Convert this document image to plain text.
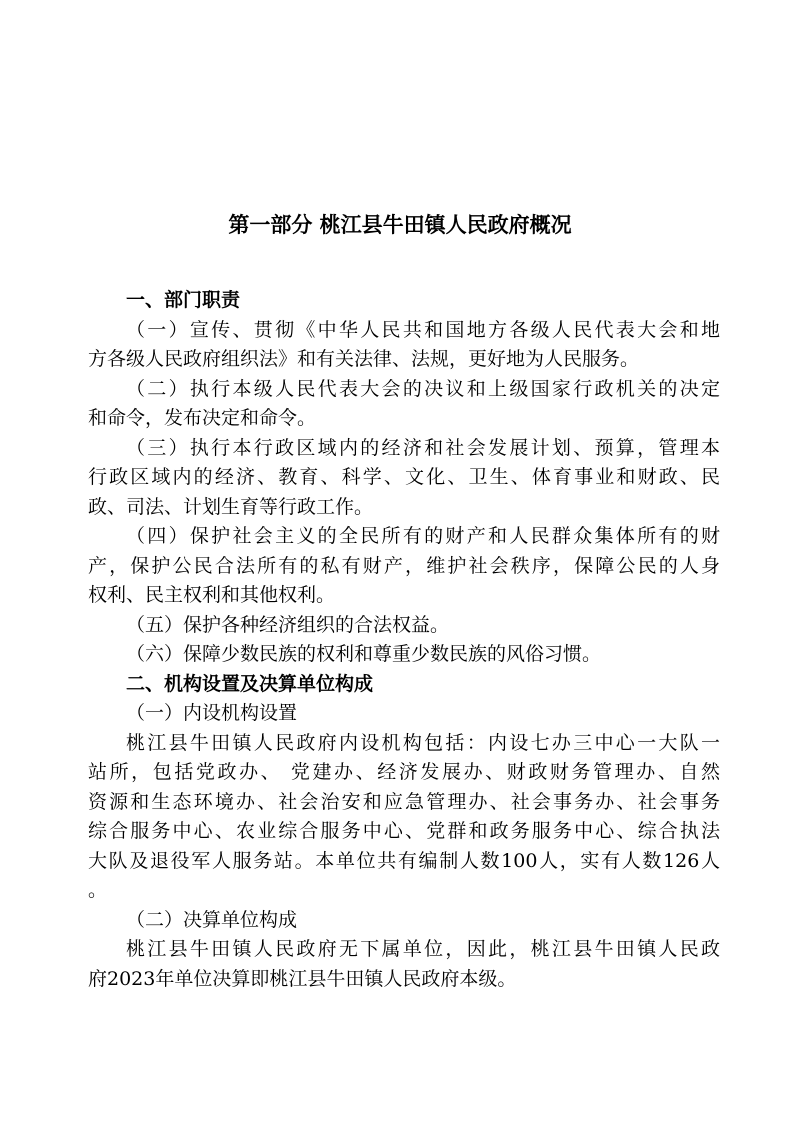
第一部分 桃江县牛田镇人民政府概况
一、部门职责
（一）宣传、贯彻《中华人民共和国地方各级人民代表大会和地
方各级人民政府组织法》和有关法律、法规，更好地为人民服务。
（二）执行本级人民代表大会的决议和上级国家行政机关的决定
和命令，发布决定和命令。
（三）执行本行政区域内的经济和社会发展计划、预算，管理本
行政区域内的经济、教育、科学、文化、卫生、体育事业和财政、民
政、司法、计划生育等行政工作。
（四）保护社会主义的全民所有的财产和人民群众集体所有的财
产，保护公民合法所有的私有财产，维护社会秩序，保障公民的人身
权利、民主权利和其他权利。
（五）保护各种经济组织的合法权益。
（六）保障少数民族的权利和尊重少数民族的风俗习惯。
二、机构设置及决算单位构成
（一）内设机构设置
桃江县牛田镇人民政府内设机构包括：内设七办三中心一大队一
站所，包括党政办、 党建办、经济发展办、财政财务管理办、自然
资源和生态环境办、社会治安和应急管理办、社会事务办、社会事务
综合服务中心、农业综合服务中心、党群和政务服务中心、综合执法
大队及退役军人服务站。本单位共有编制人数100人，实有人数126人
。
（二）决算单位构成
桃江县牛田镇人民政府无下属单位，因此，桃江县牛田镇人民政
府2023年单位决算即桃江县牛田镇人民政府本级。
